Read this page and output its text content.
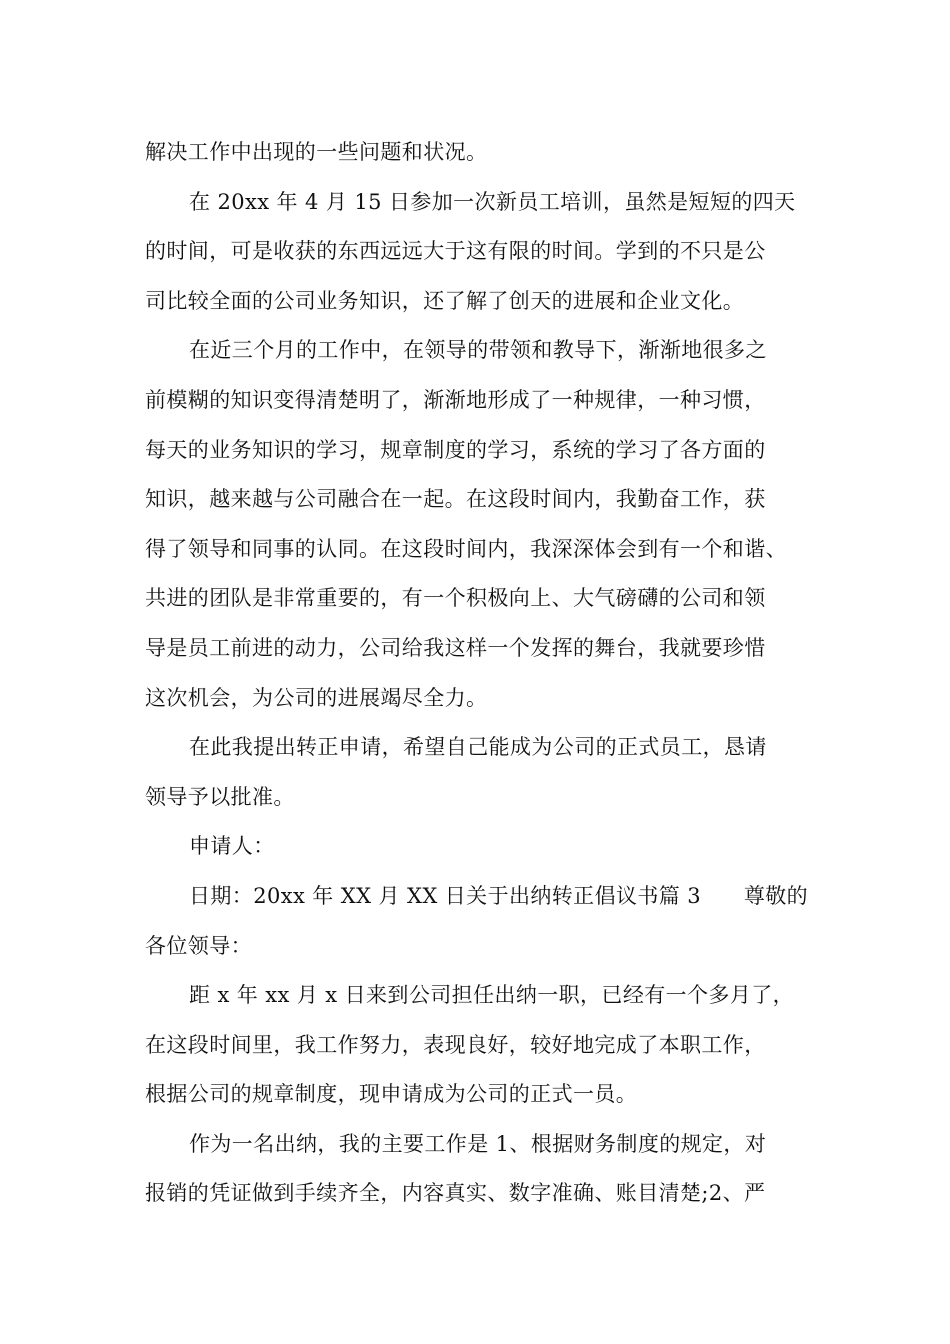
解决工作中出现的一些问题和状况。
在 20xx 年 4 月 15 日参加一次新员工培训，虽然是短短的四天
的时间，可是收获的东西远远大于这有限的时间。学到的不只是公
司比较全面的公司业务知识，还了解了创天的进展和企业文化。
在近三个月的工作中，在领导的带领和教导下，渐渐地很多之
前模糊的知识变得清楚明了，渐渐地形成了一种规律，一种习惯，
每天的业务知识的学习，规章制度的学习，系统的学习了各方面的
知识，越来越与公司融合在一起。在这段时间内，我勤奋工作，获
得了领导和同事的认同。在这段时间内，我深深体会到有一个和谐、
共进的团队是非常重要的，有一个积极向上、大气磅礴的公司和领
导是员工前进的动力，公司给我这样一个发挥的舞台，我就要珍惜
这次机会，为公司的进展竭尽全力。
在此我提出转正申请，希望自己能成为公司的正式员工，恳请
领导予以批准。
申请人：
日期：20xx 年 XX 月 XX 日关于出纳转正倡议书篇 3　　尊敬的
各位领导：
距 x 年 xx 月 x 日来到公司担任出纳一职，已经有一个多月了，
在这段时间里，我工作努力，表现良好，较好地完成了本职工作，
根据公司的规章制度，现申请成为公司的正式一员。
作为一名出纳，我的主要工作是 1、根据财务制度的规定，对
报销的凭证做到手续齐全，内容真实、数字准确、账目清楚;2、严
